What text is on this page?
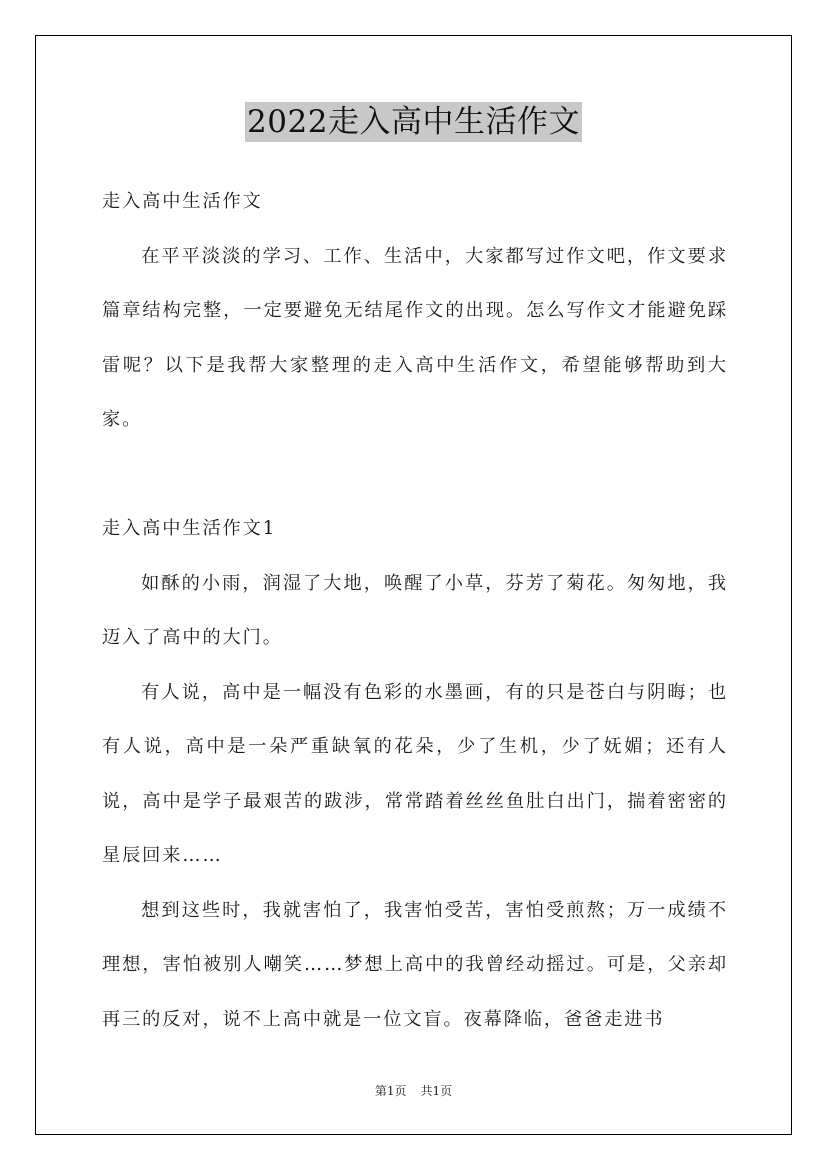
2022走入高中生活作文

走入高中生活作文

在平平淡淡的学习、工作、生活中，大家都写过作文吧，作文要求篇章结构完整，一定要避免无结尾作文的出现。怎么写作文才能避免踩雷呢？以下是我帮大家整理的走入高中生活作文，希望能够帮助到大家。

走入高中生活作文1

如酥的小雨，润湿了大地，唤醒了小草，芬芳了菊花。匆匆地，我迈入了高中的大门。

有人说，高中是一幅没有色彩的水墨画，有的只是苍白与阴晦；也有人说，高中是一朵严重缺氧的花朵，少了生机，少了妩媚；还有人说，高中是学子最艰苦的跋涉，常常踏着丝丝鱼肚白出门，揣着密密的星辰回来……

想到这些时，我就害怕了，我害怕受苦，害怕受煎熬；万一成绩不理想，害怕被别人嘲笑……梦想上高中的我曾经动摇过。可是，父亲却再三的反对，说不上高中就是一位文盲。夜幕降临，爸爸走进书

第1页 共1页
